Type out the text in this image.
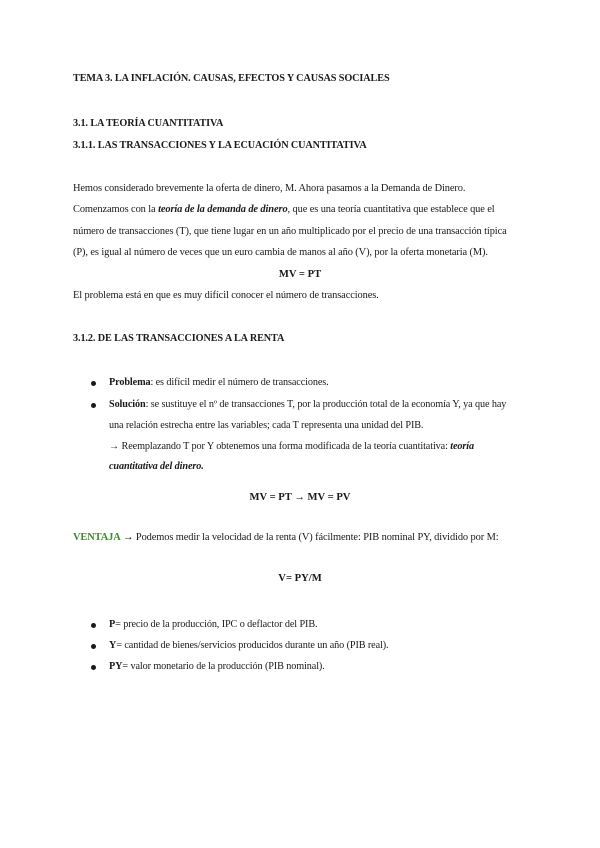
TEMA 3. LA INFLACIÓN. CAUSAS, EFECTOS Y CAUSAS SOCIALES
3.1. LA TEORÍA CUANTITATIVA
3.1.1. LAS TRANSACCIONES Y LA ECUACIÓN CUANTITATIVA
Hemos considerado brevemente la oferta de dinero, M. Ahora pasamos a la Demanda de Dinero.
Comenzamos con la teoría de la demanda de dinero, que es una teoría cuantitativa que establece que el
número de transacciones (T), que tiene lugar en un año multiplicado por el precio de una transacción típica
(P), es igual al número de veces que un euro cambia de manos al año (V), por la oferta monetaria (M).
MV = PT
El problema está en que es muy difícil conocer el número de transacciones.
3.1.2. DE LAS TRANSACCIONES A LA RENTA
Problema: es difícil medir el número de transacciones.
Solución: se sustituye el nº de transacciones T, por la producción total de la economía Y, ya que hay
una relación estrecha entre las variables; cada T representa una unidad del PIB.
→ Reemplazando T por Y obtenemos una forma modificada de la teoría cuantitativa: teoría
cuantitativa del dinero.
MV = PT → MV = PV
VENTAJA → Podemos medir la velocidad de la renta (V) fácilmente: PIB nominal PY, dividido por M:
V= PY/M
P= precio de la producción, IPC o deflactor del PIB.
Y= cantidad de bienes/servicios producidos durante un año (PIB real).
PY= valor monetario de la producción (PIB nominal).
